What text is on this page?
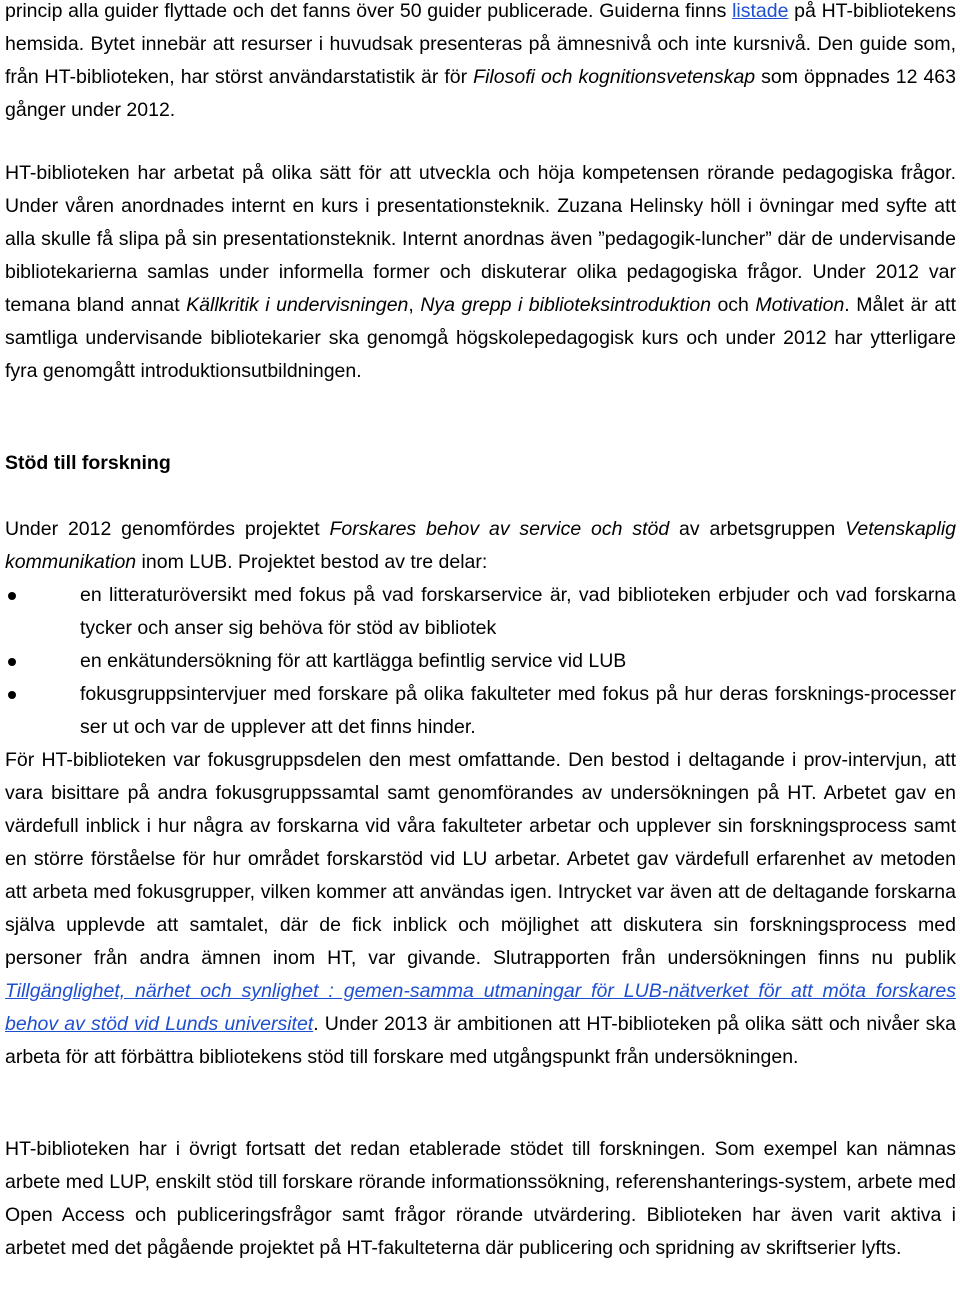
princip alla guider flyttade och det fanns över 50 guider publicerade. Guiderna finns listade på HT-bibliotekens hemsida. Bytet innebär att resurser i huvudsak presenteras på ämnesnivå och inte kursnivå. Den guide som, från HT-biblioteken, har störst användarstatistik är för Filosofi och kognitionsvetenskap som öppnades 12 463 gånger under 2012.

HT-biblioteken har arbetat på olika sätt för att utveckla och höja kompetensen rörande pedagogiska frågor. Under våren anordnades internt en kurs i presentationsteknik. Zuzana Helinsky höll i övningar med syfte att alla skulle få slipa på sin presentationsteknik. Internt anordnas även ”pedagogik-luncher” där de undervisande bibliotekarierna samlas under informella former och diskuterar olika pedagogiska frågor. Under 2012 var temana bland annat Källkritik i undervisningen, Nya grepp i biblioteksintroduktion och Motivation. Målet är att samtliga undervisande bibliotekarier ska genomgå högskolepedagogisk kurs och under 2012 har ytterligare fyra genomgått introduktionsutbildningen.

Stöd till forskning

Under 2012 genomfördes projektet Forskares behov av service och stöd av arbetsgruppen Vetenskaplig kommunikation inom LUB. Projektet bestod av tre delar:

en litteraturöversikt med fokus på vad forskarservice är, vad biblioteken erbjuder och vad forskarna tycker och anser sig behöva för stöd av bibliotek
en enkätundersökning för att kartlägga befintlig service vid LUB
fokusgruppsintervjuer med forskare på olika fakulteter med fokus på hur deras forsknings-processer ser ut och var de upplever att det finns hinder.

För HT-biblioteken var fokusgruppsdelen den mest omfattande. Den bestod i deltagande i prov-intervjun, att vara bisittare på andra fokusgruppssamtal samt genomförandes av undersökningen på HT. Arbetet gav en värdefull inblick i hur några av forskarna vid våra fakulteter arbetar och upplever sin forskningsprocess samt en större förståelse för hur området forskarstöd vid LU arbetar. Arbetet gav värdefull erfarenhet av metoden att arbeta med fokusgrupper, vilken kommer att användas igen. Intrycket var även att de deltagande forskarna själva upplevde att samtalet, där de fick inblick och möjlighet att diskutera sin forskningsprocess med personer från andra ämnen inom HT, var givande. Slutrapporten från undersökningen finns nu publik Tillgänglighet, närhet och synlighet : gemen-samma utmaningar för LUB-nätverket för att möta forskares behov av stöd vid Lunds universitet. Under 2013 är ambitionen att HT-biblioteken på olika sätt och nivåer ska arbeta för att förbättra bibliotekens stöd till forskare med utgångspunkt från undersökningen.

HT-biblioteken har i övrigt fortsatt det redan etablerade stödet till forskningen. Som exempel kan nämnas arbete med LUP, enskilt stöd till forskare rörande informationssökning, referenshanterings-system, arbete med Open Access och publiceringsfrågor samt frågor rörande utvärdering. Biblioteken har även varit aktiva i arbetet med det pågående projektet på HT-fakulteterna där publicering och spridning av skriftserier lyfts.
